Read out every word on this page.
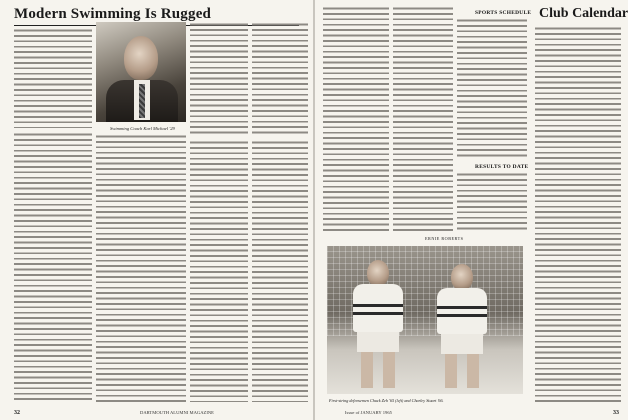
Modern Swimming Is Rugged
Swimming Coach Karl Michael '29
32	DARTMOUTH ALUMNI MAGAZINE
ERNIE ROBERTS
SPORTS SCHEDULE
RESULTS TO DATE
Club Calendar
First-string defensemen Chuck Zeh '65 (left) and Charley Stuart '66.
Issue of JANUARY 1965	33
